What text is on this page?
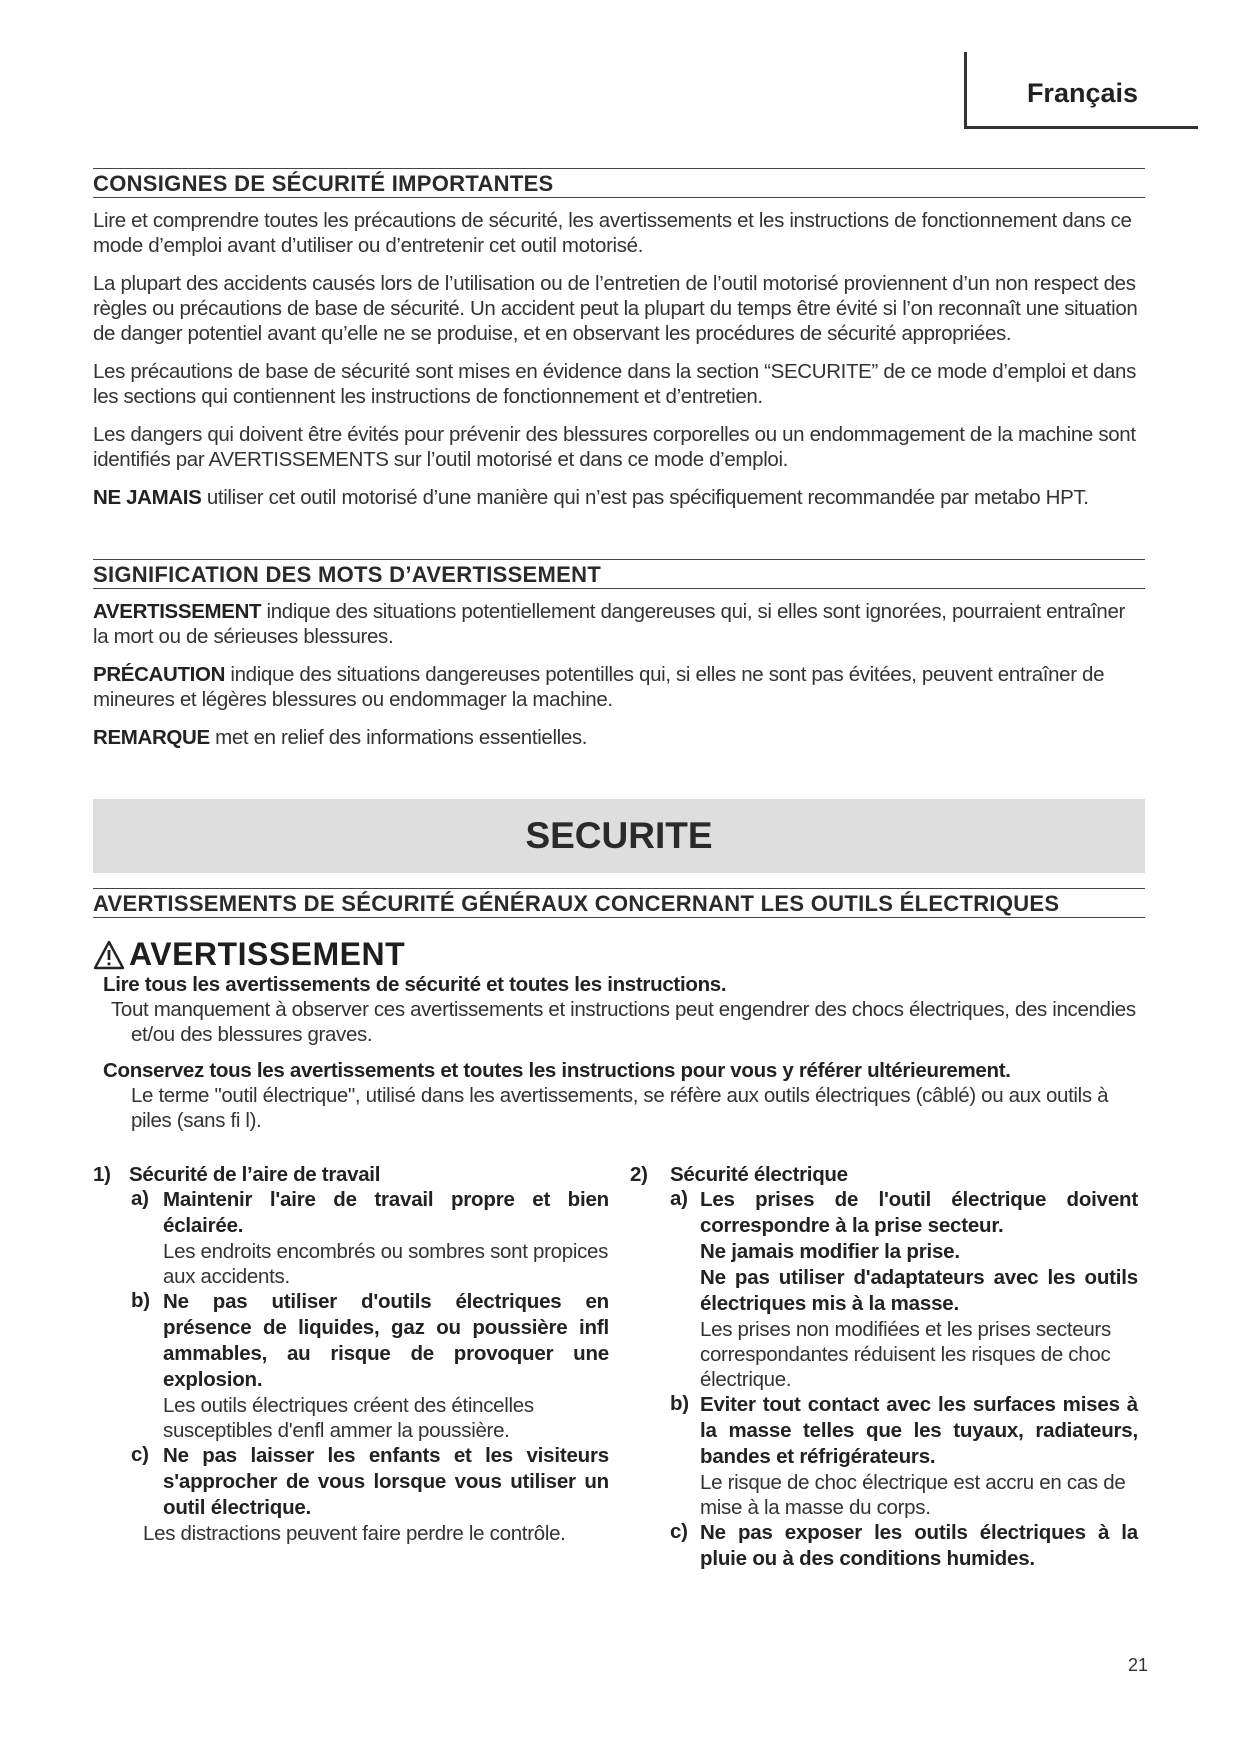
Français
CONSIGNES DE SÉCURITÉ IMPORTANTES

Lire et comprendre toutes les précautions de sécurité, les avertissements et les instructions de fonctionnement dans ce mode d’emploi avant d’utiliser ou d’entretenir cet outil motorisé.

La plupart des accidents causés lors de l’utilisation ou de l’entretien de l’outil motorisé proviennent d’un non respect des règles ou précautions de base de sécurité. Un accident peut la plupart du temps être évité si l’on reconnaît une situation de danger potentiel avant qu’elle ne se produise, et en observant les procédures de sécurité appropriées.

Les précautions de base de sécurité sont mises en évidence dans la section “SECURITE” de ce mode d’emploi et dans les sections qui contiennent les instructions de fonctionnement et d’entretien.

Les dangers qui doivent être évités pour prévenir des blessures corporelles ou un endommagement de la machine sont identifiés par AVERTISSEMENTS sur l’outil motorisé et dans ce mode d’emploi.

NE JAMAIS utiliser cet outil motorisé d’une manière qui n’est pas spécifiquement recommandée par metabo HPT.

SIGNIFICATION DES MOTS D’AVERTISSEMENT

AVERTISSEMENT indique des situations potentiellement dangereuses qui, si elles sont ignorées, pourraient entraîner la mort ou de sérieuses blessures.

PRÉCAUTION indique des situations dangereuses potentilles qui, si elles ne sont pas évitées, peuvent entraîner de mineures et légères blessures ou endommager la machine.

REMARQUE met en relief des informations essentielles.

SECURITE
AVERTISSEMENTS DE SÉCURITÉ GÉNÉRAUX CONCERNANT LES OUTILS ÉLECTRIQUES
AVERTISSEMENT
Lire tous les avertissements de sécurité et toutes les instructions.

Tout manquement à observer ces avertissements et instructions peut engendrer des chocs électriques, des incendies et/ou des blessures graves.

Conservez tous les avertissements et toutes les instructions pour vous y référer ultérieurement.

Le terme "outil électrique", utilisé dans les avertissements, se réfère aux outils électriques (câblé) ou aux outils à piles (sans fi l).

1) Sécurité de l’aire de travail
a) Maintenir l'aire de travail propre et bien éclairée.
Les endroits encombrés ou sombres sont propices aux accidents.
b) Ne pas utiliser d'outils électriques en présence de liquides, gaz ou poussière infl ammables, au risque de provoquer une explosion.
Les outils électriques créent des étincelles susceptibles d'enfl ammer la poussière.
c) Ne pas laisser les enfants et les visiteurs s'approcher de vous lorsque vous utiliser un outil électrique.
Les distractions peuvent faire perdre le contrôle.
2)	Sécurité électrique
a) Les prises de l'outil électrique doivent correspondre à la prise secteur.
Ne jamais modifier la prise.
Ne pas utiliser d'adaptateurs avec les outils électriques mis à la masse.
Les prises non modifiées et les prises secteurs correspondantes réduisent les risques de choc électrique.
b) Eviter tout contact avec les surfaces mises à la masse telles que les tuyaux, radiateurs, bandes et réfrigérateurs.
Le risque de choc électrique est accru en cas de mise à la masse du corps.
c) Ne pas exposer les outils électriques à la pluie ou à des conditions humides.
21
